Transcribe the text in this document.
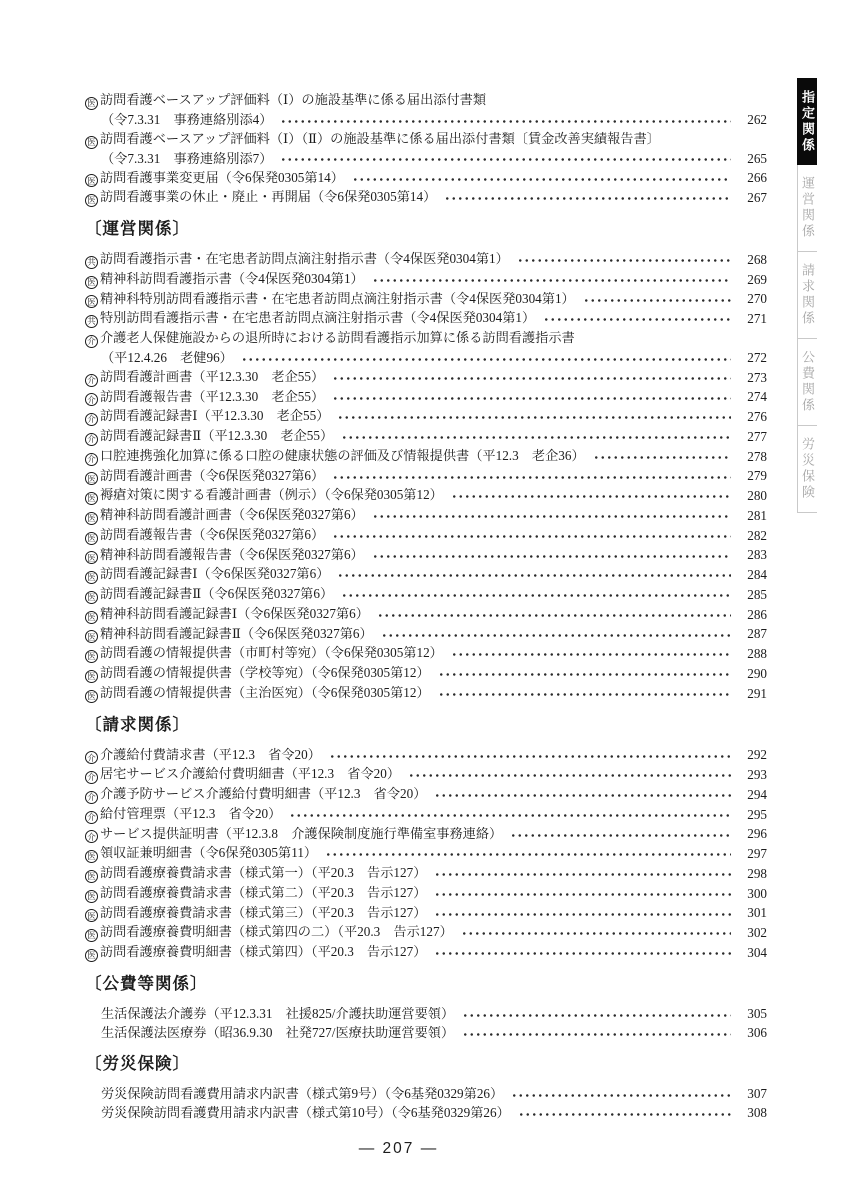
医 訪問看護ベースアップ評価料（Ⅰ）の施設基準に係る届出添付書類
（令7.3.31　事務連絡別添4）	262
医 訪問看護ベースアップ評価料（Ⅰ）（Ⅱ）の施設基準に係る届出添付書類〔賃金改善実績報告書〕
（令7.3.31　事務連絡別添7）	265
医 訪問看護事業変更届（令6保発0305第14）	266
医 訪問看護事業の休止・廃止・再開届（令6保発0305第14）	267
〔運営関係〕
共 訪問看護指示書・在宅患者訪問点滴注射指示書（令4保医発0304第1）	268
医 精神科訪問看護指示書（令4保医発0304第1）	269
医 精神科特別訪問看護指示書・在宅患者訪問点滴注射指示書（令4保医発0304第1）	270
共 特別訪問看護指示書・在宅患者訪問点滴注射指示書（令4保医発0304第1）	271
介 介護老人保健施設からの退所時における訪問看護指示加算に係る訪問看護指示書
（平12.4.26　老健96）	272
介 訪問看護計画書（平12.3.30　老企55）	273
介 訪問看護報告書（平12.3.30　老企55）	274
介 訪問看護記録書Ⅰ（平12.3.30　老企55）	276
介 訪問看護記録書Ⅱ（平12.3.30　老企55）	277
介 口腔連携強化加算に係る口腔の健康状態の評価及び情報提供書（平12.3　老企36）	278
医 訪問看護計画書（令6保医発0327第6）	279
医 褥瘡対策に関する看護計画書（例示）（令6保発0305第12）	280
医 精神科訪問看護計画書（令6保医発0327第6）	281
医 訪問看護報告書（令6保医発0327第6）	282
医 精神科訪問看護報告書（令6保医発0327第6）	283
医 訪問看護記録書Ⅰ（令6保医発0327第6）	284
医 訪問看護記録書Ⅱ（令6保医発0327第6）	285
医 精神科訪問看護記録書Ⅰ（令6保医発0327第6）	286
医 精神科訪問看護記録書Ⅱ（令6保医発0327第6）	287
医 訪問看護の情報提供書（市町村等宛）（令6保発0305第12）	288
医 訪問看護の情報提供書（学校等宛）（令6保発0305第12）	290
医 訪問看護の情報提供書（主治医宛）（令6保発0305第12）	291
〔請求関係〕
介 介護給付費請求書（平12.3　省令20）	292
介 居宅サービス介護給付費明細書（平12.3　省令20）	293
介 介護予防サービス介護給付費明細書（平12.3　省令20）	294
介 給付管理票（平12.3　省令20）	295
介 サービス提供証明書（平12.3.8　介護保険制度施行準備室事務連絡）	296
医 領収証兼明細書（令6保発0305第11）	297
医 訪問看護療養費請求書（様式第一）（平20.3　告示127）	298
医 訪問看護療養費請求書（様式第二）（平20.3　告示127）	300
医 訪問看護療養費請求書（様式第三）（平20.3　告示127）	301
医 訪問看護療養費明細書（様式第四の二）（平20.3　告示127）	302
医 訪問看護療養費明細書（様式第四）（平20.3　告示127）	304
〔公費等関係〕
生活保護法介護券（平12.3.31　社援825/介護扶助運営要領）	305
生活保護法医療券（昭36.9.30　社発727/医療扶助運営要領）	306
〔労災保険〕
労災保険訪問看護費用請求内訳書（様式第9号）（令6基発0329第26）	307
労災保険訪問看護費用請求内訳書（様式第10号）（令6基発0329第26）	308
指定関係
運営関係
請求関係
公費関係
労災保険
— 207 —
